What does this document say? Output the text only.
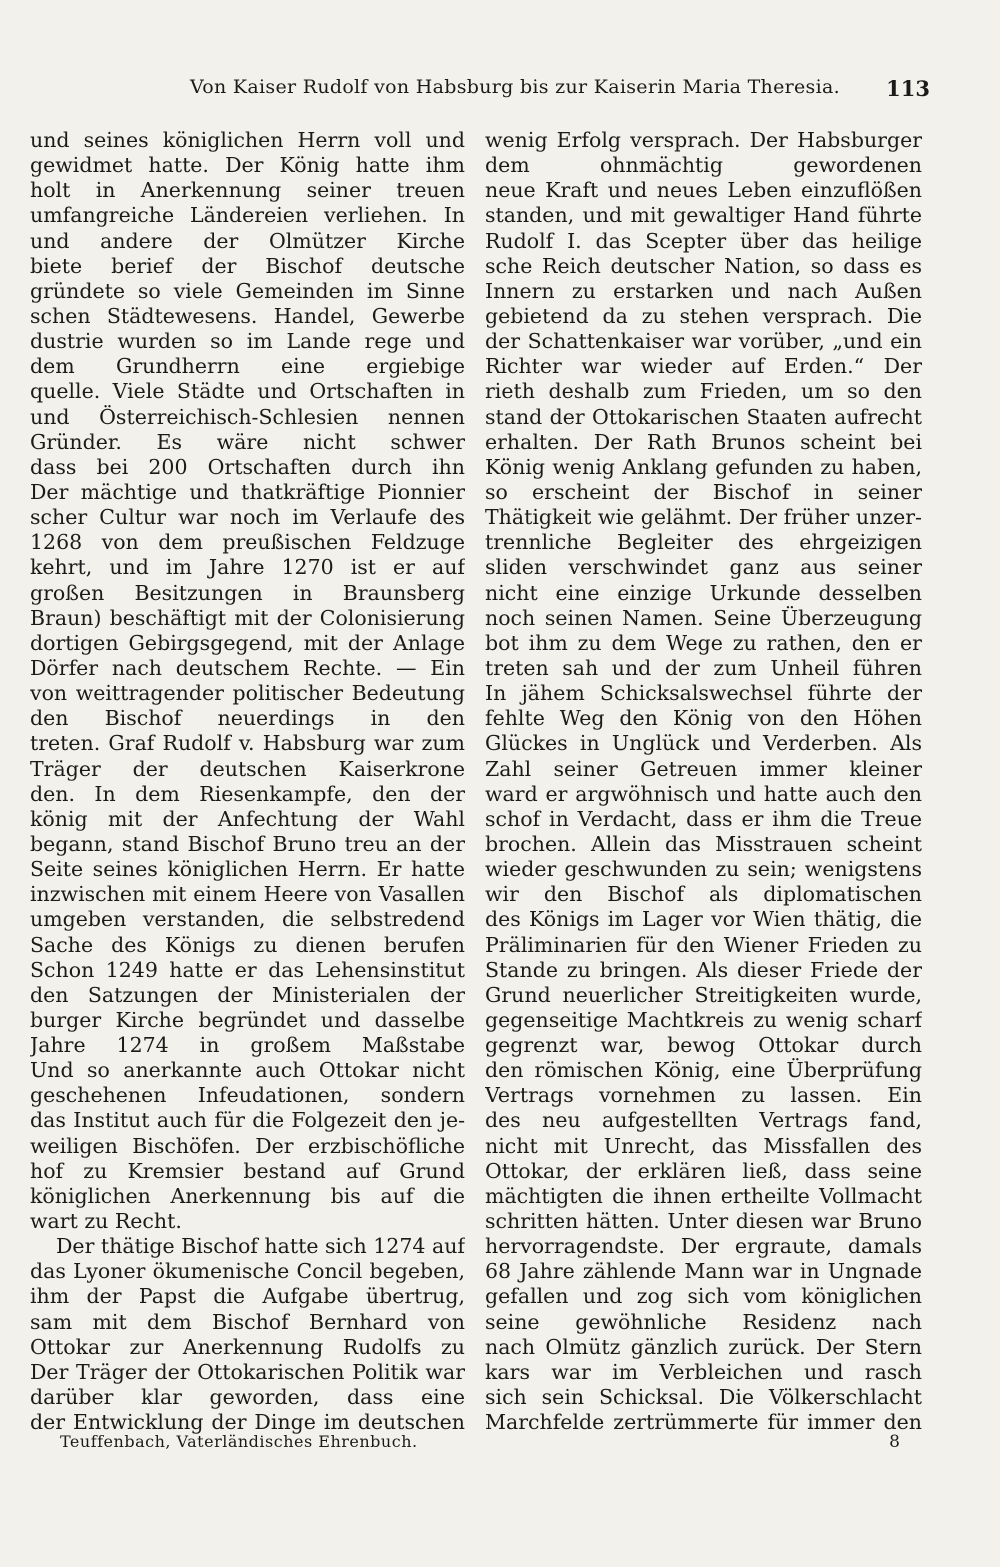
Von Kaiser Rudolf von Habsburg bis zur Kaiserin Maria Theresia. 113
und seines königlichen Herrn voll und
gewidmet hatte. Der König hatte ihm
holt in Anerkennung seiner treuen
umfangreiche Ländereien verliehen. In
und andere der Olmützer Kirche
biete berief der Bischof deutsche
gründete so viele Gemeinden im Sinne
schen Städtewesens. Handel, Gewerbe
dustrie wurden so im Lande rege und
dem Grundherrn eine ergiebige
quelle. Viele Städte und Ortschaften in
und Österreichisch-Schlesien nennen
Gründer. Es wäre nicht schwer
dass bei 200 Ortschaften durch ihn
Der mächtige und thatkräftige Pionnier
scher Cultur war noch im Verlaufe des
1268 von dem preußischen Feldzuge
kehrt, und im Jahre 1270 ist er auf
großen Besitzungen in Braunsberg
Braun) beschäftigt mit der Colonisierung
dortigen Gebirgsgegend, mit der Anlage
Dörfer nach deutschem Rechte. — Ein
von weittragender politischer Bedeutung
den Bischof neuerdings in den
treten. Graf Rudolf v. Habsburg war zum
Träger der deutschen Kaiserkrone
den. In dem Riesenkampfe, den der
könig mit der Anfechtung der Wahl
begann, stand Bischof Bruno treu an der
Seite seines königlichen Herrn. Er hatte
inzwischen mit einem Heere von Vasallen
umgeben verstanden, die selbstredend
Sache des Königs zu dienen berufen
Schon 1249 hatte er das Lehensinstitut
den Satzungen der Ministerialen der
burger Kirche begründet und dasselbe
Jahre 1274 in großem Maßstabe
Und so anerkannte auch Ottokar nicht
geschehenen Infeudationen, sondern
das Institut auch für die Folgezeit den je-
weiligen Bischöfen. Der erzbischöfliche
hof zu Kremsier bestand auf Grund
königlichen Anerkennung bis auf die
wart zu Recht.
Der thätige Bischof hatte sich 1274 auf
das Lyoner ökumenische Concil begeben,
ihm der Papst die Aufgabe übertrug,
sam mit dem Bischof Bernhard von
Ottokar zur Anerkennung Rudolfs zu
Der Träger der Ottokarischen Politik war
darüber klar geworden, dass eine
der Entwicklung der Dinge im deutschen
wenig Erfolg versprach. Der Habsburger
dem ohnmächtig gewordenen
neue Kraft und neues Leben einzuflößen
standen, und mit gewaltiger Hand führte
Rudolf I. das Scepter über das heilige
sche Reich deutscher Nation, so dass es
Innern zu erstarken und nach Außen
gebietend da zu stehen versprach. Die
der Schattenkaiser war vorüber, „und ein
Richter war wieder auf Erden.“ Der
rieth deshalb zum Frieden, um so den
stand der Ottokarischen Staaten aufrecht
erhalten. Der Rath Brunos scheint bei
König wenig Anklang gefunden zu haben,
so erscheint der Bischof in seiner
Thätigkeit wie gelähmt. Der früher unzer-
trennliche Begleiter des ehrgeizigen
sliden verschwindet ganz aus seiner
nicht eine einzige Urkunde desselben
noch seinen Namen. Seine Überzeugung
bot ihm zu dem Wege zu rathen, den er
treten sah und der zum Unheil führen
In jähem Schicksalswechsel führte der
fehlte Weg den König von den Höhen
Glückes in Unglück und Verderben. Als
Zahl seiner Getreuen immer kleiner
ward er argwöhnisch und hatte auch den
schof in Verdacht, dass er ihm die Treue
brochen. Allein das Misstrauen scheint
wieder geschwunden zu sein; wenigstens
wir den Bischof als diplomatischen
des Königs im Lager vor Wien thätig, die
Präliminarien für den Wiener Frieden zu
Stande zu bringen. Als dieser Friede der
Grund neuerlicher Streitigkeiten wurde,
gegenseitige Machtkreis zu wenig scharf
gegrenzt war, bewog Ottokar durch
den römischen König, eine Überprüfung
Vertrags vornehmen zu lassen. Ein
des neu aufgestellten Vertrags fand,
nicht mit Unrecht, das Missfallen des
Ottokar, der erklären ließ, dass seine
mächtigten die ihnen ertheilte Vollmacht
schritten hätten. Unter diesen war Bruno
hervorragendste. Der ergraute, damals
68 Jahre zählende Mann war in Ungnade
gefallen und zog sich vom königlichen
seine gewöhnliche Residenz nach
nach Olmütz gänzlich zurück. Der Stern
kars war im Verbleichen und rasch
sich sein Schicksal. Die Völkerschlacht
Marchfelde zertrümmerte für immer den
Teuffenbach, Vaterländisches Ehrenbuch.	8
